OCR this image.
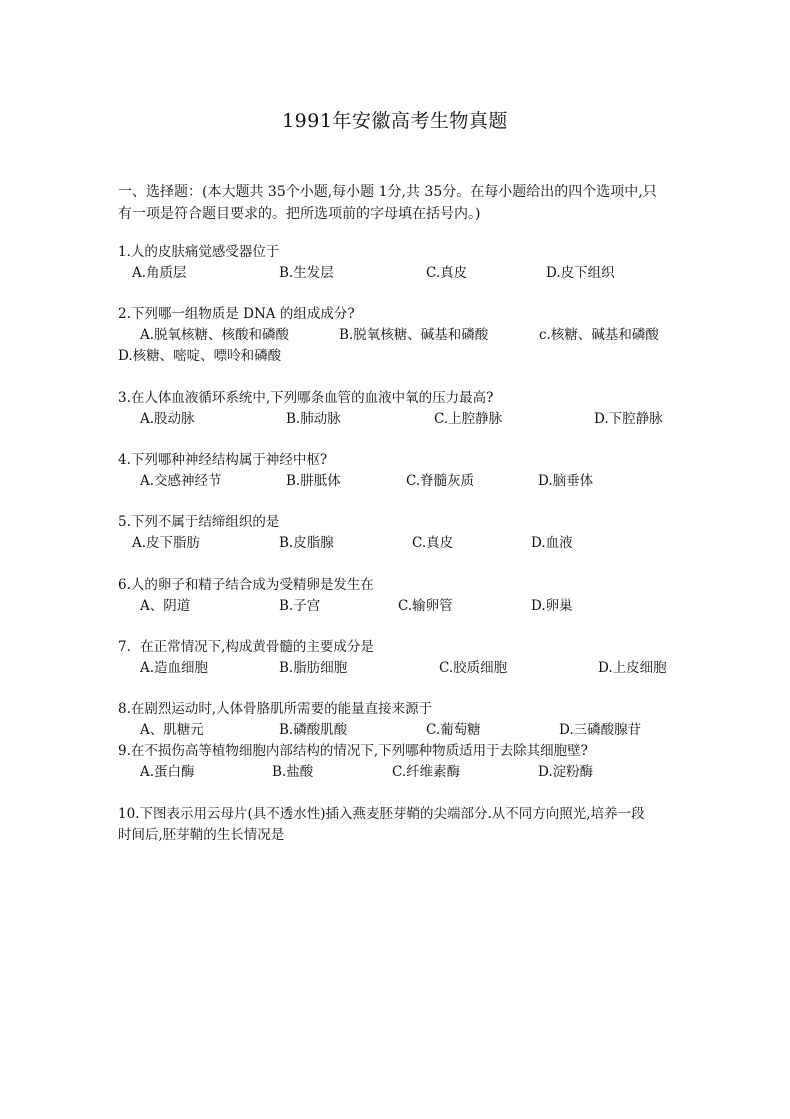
1991年安徽高考生物真题
一、选择题：(本大题共 35个小题,每小题 1分,共 35分。在每小题给出的四个选项中,只
有一项是符合题目要求的。把所选项前的字母填在括号内。)
1.人的皮肤痛觉感受器位于
A.角质层	B.生发层	C.真皮	D.皮下组织
2.下列哪一组物质是 DNA 的组成成分?
A.脱氧核糖、核酸和磷酸	B.脱氧核糖、碱基和磷酸	c.核糖、碱基和磷酸
D.核糖、嘧啶、嘌呤和磷酸
3.在人体血液循环系统中,下列哪条血管的血液中氧的压力最高?
A.股动脉	B.肺动脉	C.上腔静脉	D.下腔静脉
4.下列哪种神经结构属于神经中枢?
A.交感神经节	B.肼胝体	C.脊髓灰质	D.脑垂体
5.下列不属于结缔组织的是
A.皮下脂肪	B.皮脂腺	C.真皮	D.血液
6.人的卵子和精子结合成为受精卵是发生在
A、阴道	B.子宫	C.输卵管	D.卵巢
7．在正常情况下,构成黄骨髓的主要成分是
A.造血细胞	B.脂肪细胞	C.胶质细胞	D.上皮细胞
8.在剧烈运动时,人体骨胳肌所需要的能量直接来源于
A、肌糖元	B.磷酸肌酸	C.葡萄糖	D.三磷酸腺苷
9.在不损伤高等植物细胞内部结构的情况下,下列哪种物质适用于去除其细胞壁?
A.蛋白酶	B.盐酸	C.纤维素酶	D.淀粉酶
10.下图表示用云母片(具不透水性)插入燕麦胚芽鞘的尖端部分.从不同方向照光,培养一段
时间后,胚芽鞘的生长情况是
